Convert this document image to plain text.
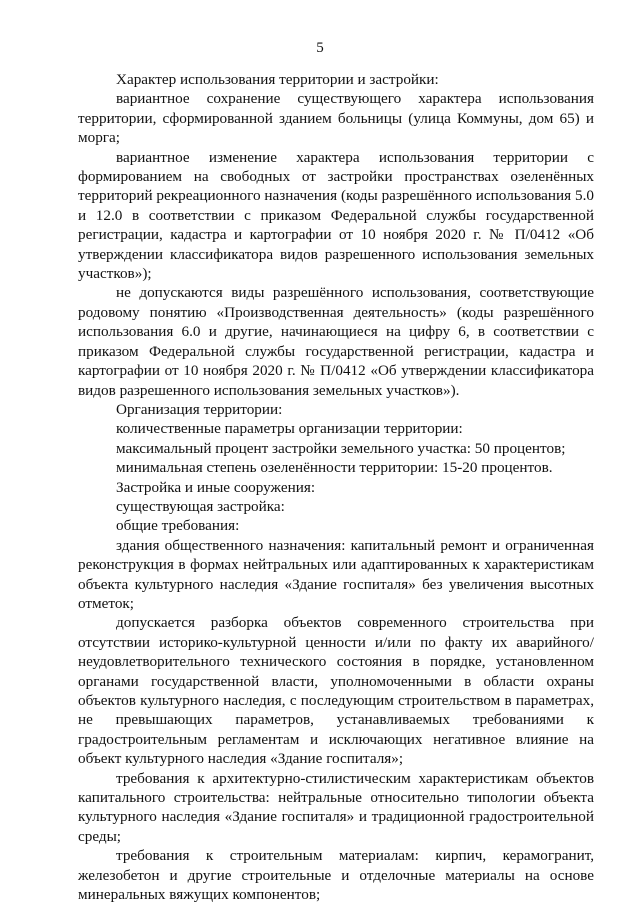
5

Характер использования территории и застройки:

вариантное сохранение существующего характера использования территории, сформированной зданием больницы (улица Коммуны, дом 65) и морга;

вариантное изменение характера использования территории с формированием на свободных от застройки пространствах озеленённых территорий рекреационного назначения (коды разрешённого использования 5.0 и 12.0 в соответствии с приказом Федеральной службы государственной регистрации, кадастра и картографии от 10 ноября 2020 г. № П/0412 «Об утверждении классификатора видов разрешенного использования земельных участков»);

не допускаются виды разрешённого использования, соответствующие родовому понятию «Производственная деятельность» (коды разрешённого использования 6.0 и другие, начинающиеся на цифру 6, в соответствии с приказом Федеральной службы государственной регистрации, кадастра и картографии от 10 ноября 2020 г. № П/0412 «Об утверждении классификатора видов разрешенного использования земельных участков»).

Организация территории:

количественные параметры организации территории:

максимальный процент застройки земельного участка: 50 процентов;

минимальная степень озеленённости территории: 15-20 процентов.

Застройка и иные сооружения:

существующая застройка:

общие требования:

здания общественного назначения: капитальный ремонт и ограниченная реконструкция в формах нейтральных или адаптированных к характеристикам объекта культурного наследия «Здание госпиталя» без увеличения высотных отметок;

допускается разборка объектов современного строительства при отсутствии историко-культурной ценности и/или по факту их аварийного/неудовлетворительного технического состояния в порядке, установленном органами государственной власти, уполномоченными в области охраны объектов культурного наследия, с последующим строительством в параметрах, не превышающих параметров, устанавливаемых требованиями к градостроительным регламентам и исключающих негативное влияние на объект культурного наследия «Здание госпиталя»;

требования к архитектурно-стилистическим характеристикам объектов капитального строительства: нейтральные относительно типологии объекта культурного наследия «Здание госпиталя» и традиционной градостроительной среды;

требования к строительным материалам: кирпич, керамогранит, железобетон и другие строительные и отделочные материалы на основе минеральных вяжущих компонентов;
